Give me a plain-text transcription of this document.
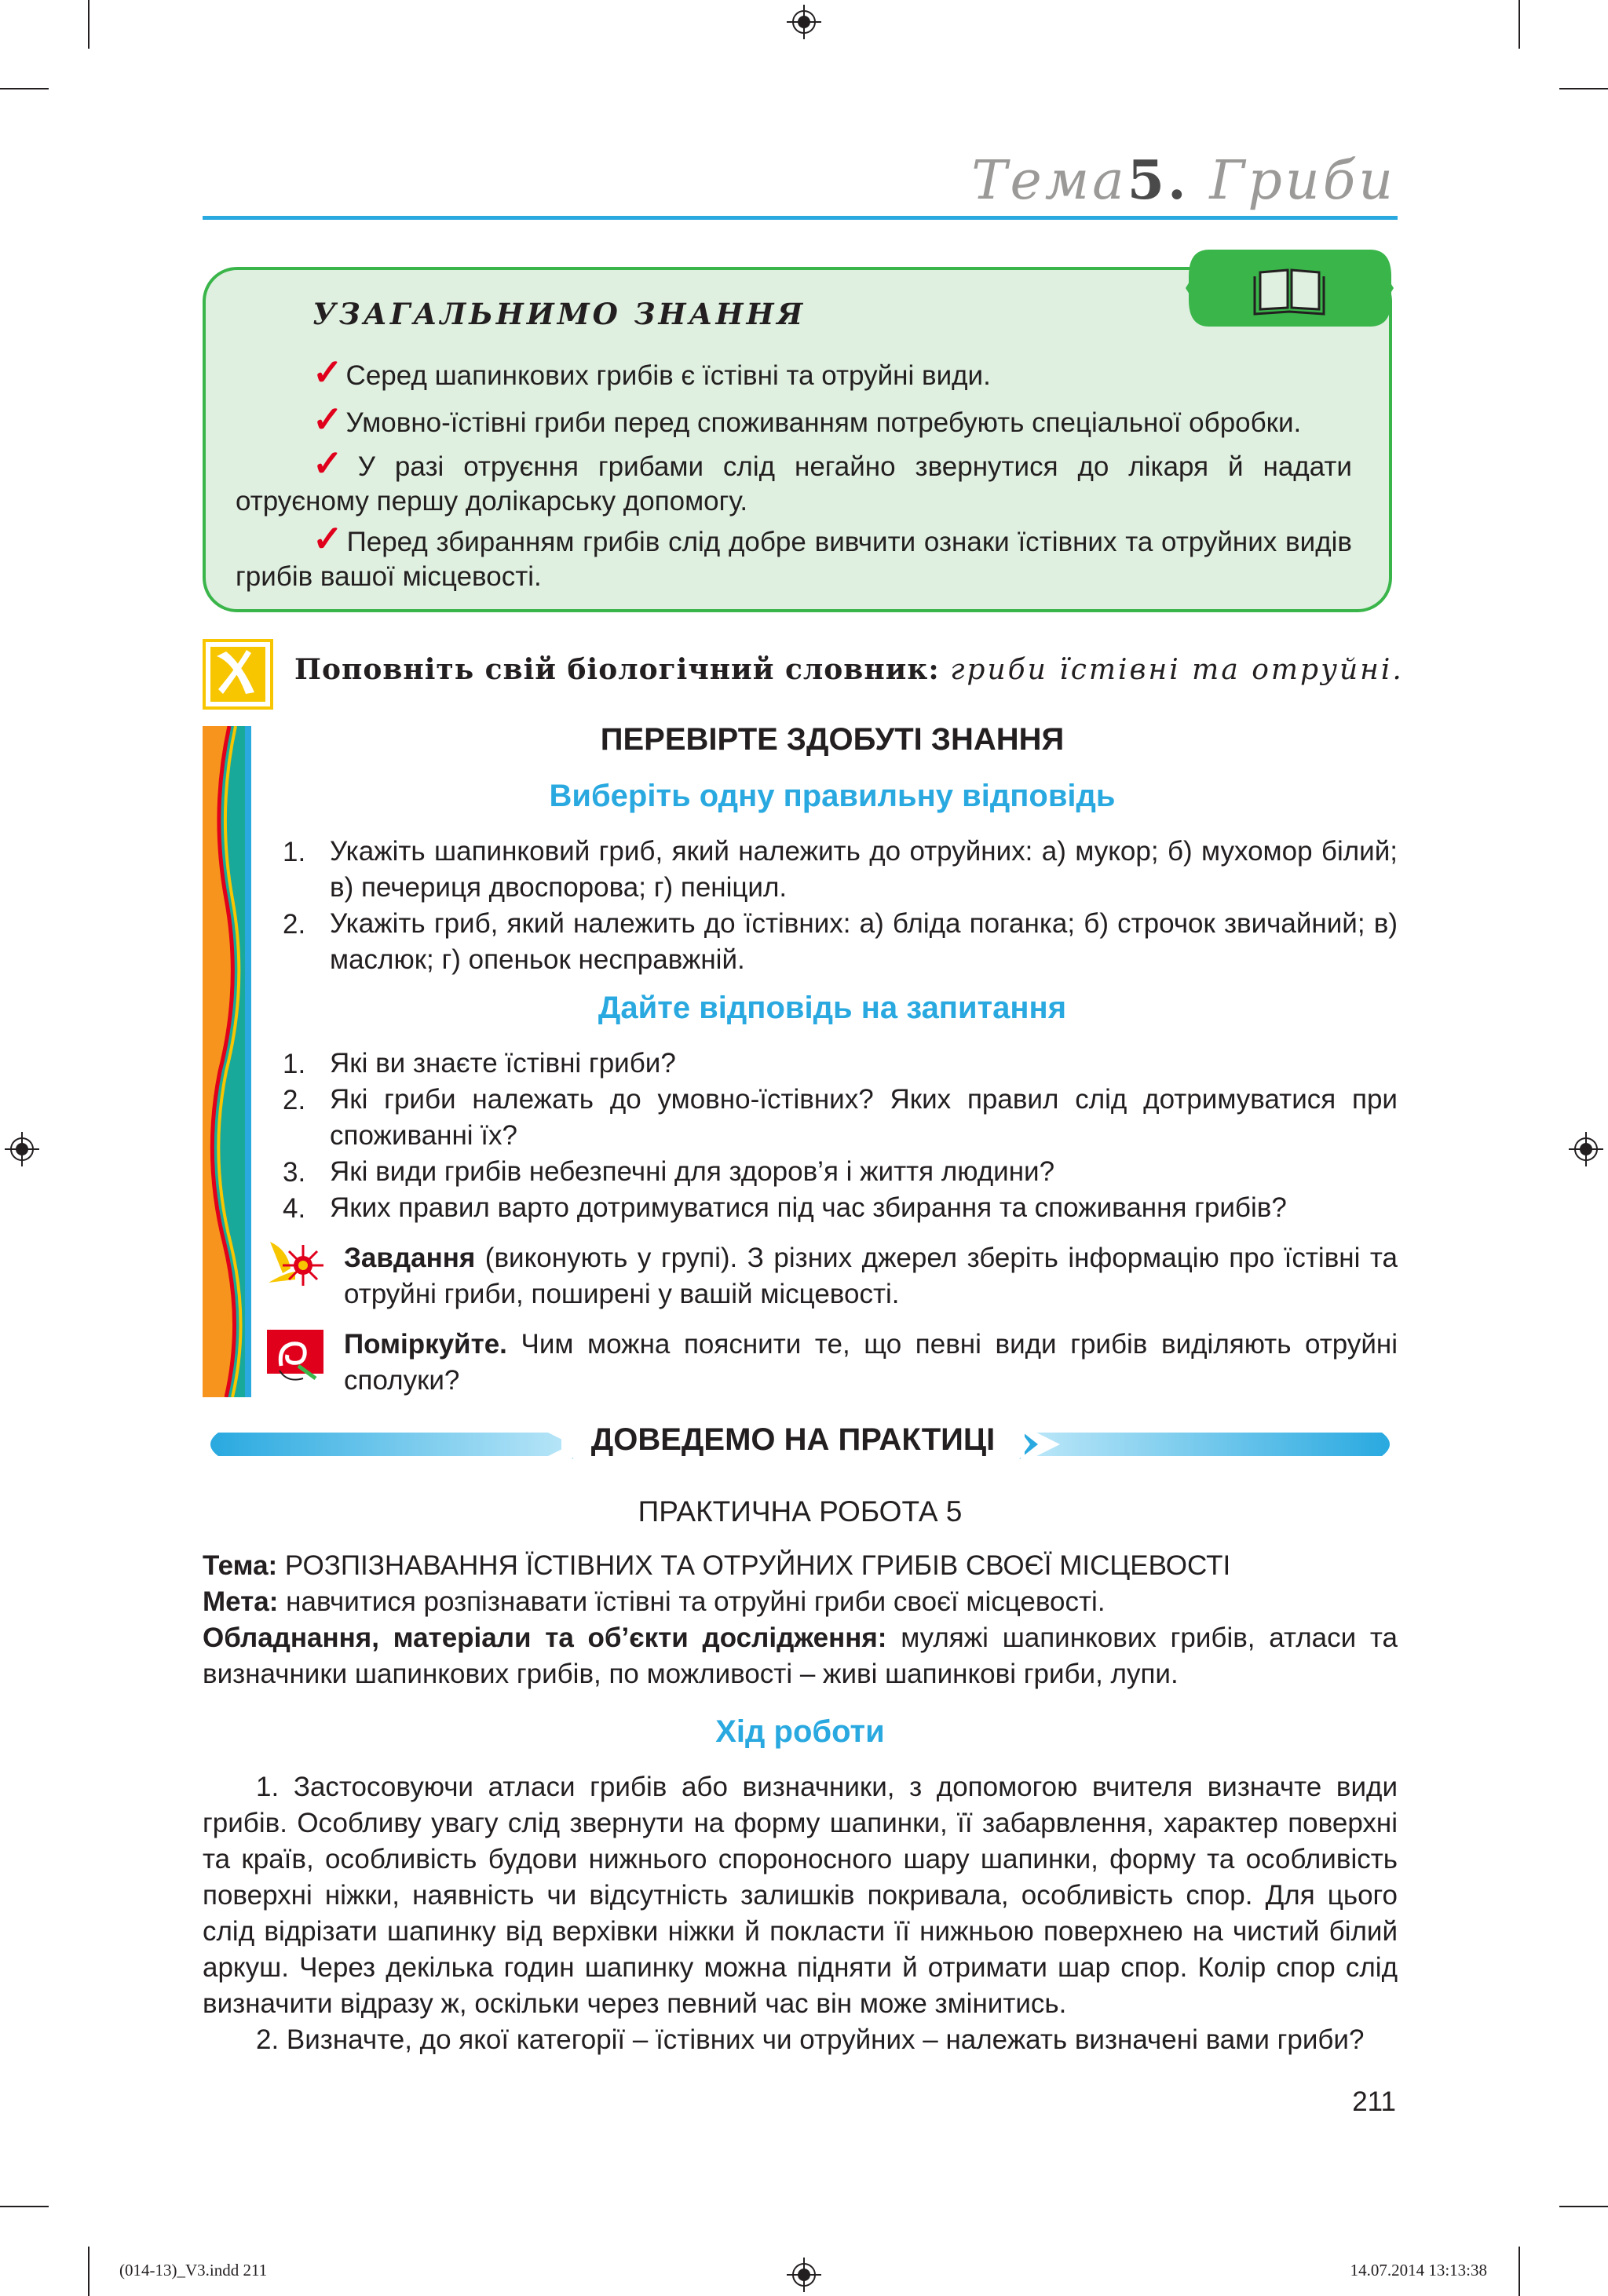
Тема5. Гриби
УЗАГАЛЬНИМО ЗНАННЯ
✓ Серед шапинкових грибів є їстівні та отруйні види.
✓ Умовно-їстівні гриби перед споживанням потребують спеціальної обробки.
✓ У разі отруєння грибами слід негайно звернутися до лікаря й надати отруєному першу долікарську допомогу.
✓ Перед збиранням грибів слід добре вивчити ознаки їстівних та отруйних видів грибів вашої місцевості.
Поповніть свій біологічний словник: гриби їстівні та отруйні.
ПЕРЕВІРТЕ ЗДОБУТІ ЗНАННЯ
Виберіть одну правильну відповідь
1. Укажіть шапинковий гриб, який належить до отруйних: а) мукор; б) мухомор білий; в) печериця двоспорова; г) пеніцил.
2. Укажіть гриб, який належить до їстівних: а) бліда поганка; б) строчок звичайний; в) маслюк; г) опеньок несправжній.
Дайте відповідь на запитання
1. Які ви знаєте їстівні гриби?
2. Які гриби належать до умовно-їстівних? Яких правил слід дотримуватися при споживанні їх?
3. Які види грибів небезпечні для здоров’я і життя людини?
4. Яких правил варто дотримуватися під час збирання та споживання грибів?
Завдання (виконують у групі). З різних джерел зберіть інформацію про їстівні та отруйні гриби, поширені у вашій місцевості.
Поміркуйте. Чим можна пояснити те, що певні види грибів виділяють отруйні сполуки?
ДОВЕДЕМО НА ПРАКТИЦІ
ПРАКТИЧНА РОБОТА 5
Тема: РОЗПІЗНАВАННЯ ЇСТІВНИХ ТА ОТРУЙНИХ ГРИБІВ СВОЄЇ МІСЦЕВОСТІ
Мета: навчитися розпізнавати їстівні та отруйні гриби своєї місцевості.
Обладнання, матеріали та об’єкти дослідження: муляжі шапинкових грибів, атласи та визначники шапинкових грибів, по можливості – живі шапинкові гриби, лупи.
Хід роботи
1. Застосовуючи атласи грибів або визначники, з допомогою вчителя визначте види грибів. Особливу увагу слід звернути на форму шапинки, її забарвлення, характер поверхні та країв, особливість будови нижнього спороносного шару шапинки, форму та особливість поверхні ніжки, наявність чи відсутність залишків покривала, особливість спор. Для цього слід відрізати шапинку від верхівки ніжки й покласти її нижньою поверхнею на чистий білий аркуш. Через декілька годин шапинку можна підняти й отримати шар спор. Колір спор слід визначити відразу ж, оскільки через певний час він може змінитись.
2. Визначте, до якої категорії – їстівних чи отруйних – належать визначені вами гриби?
211
(014-13)_V3.indd 211	14.07.2014 13:13:38
